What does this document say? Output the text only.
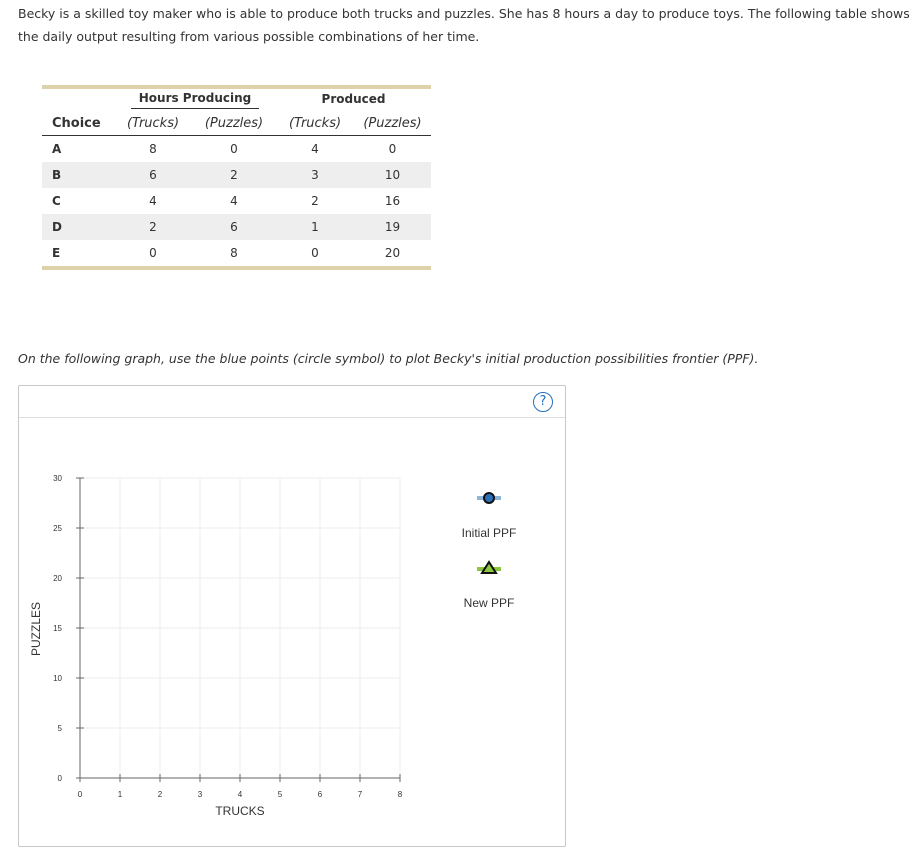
Becky is a skilled toy maker who is able to produce both trucks and puzzles. She has 8 hours a day to produce toys. The following table shows the daily output resulting from various possible combinations of her time.
	Hours Producing		Produced	
Choice	(Trucks)	(Puzzles)	(Trucks)	(Puzzles)
A	8	0	4	0
B	6	2	3	10
C	4	4	2	16
D	2	6	1	19
E	0	8	0	20
On the following graph, use the blue points (circle symbol) to plot Becky's initial production possibilities frontier (PPF).
?
0	1	2	3	4	5	6	7	8
0
5
10
15
20
25
30
TRUCKS
PUZZLES
Initial PPF
New PPF
